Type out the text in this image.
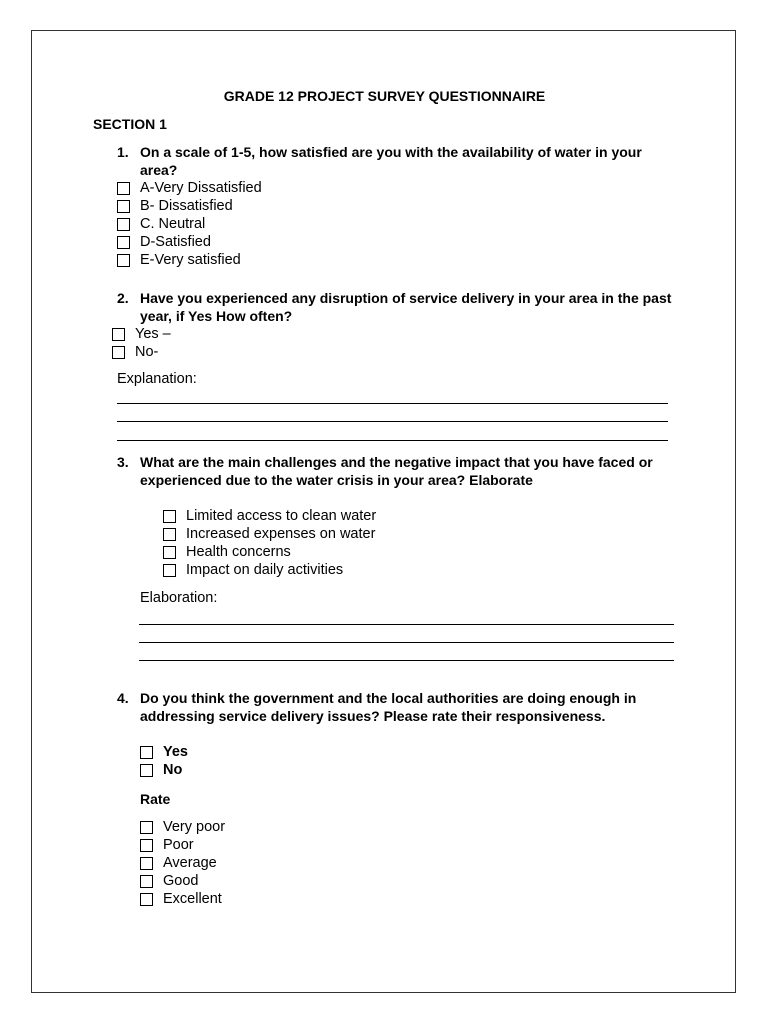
GRADE 12 PROJECT SURVEY QUESTIONNAIRE
SECTION 1
1. On a scale of 1-5, how satisfied are you with the availability of water in your area?
A-Very Dissatisfied
B- Dissatisfied
C. Neutral
D-Satisfied
E-Very satisfied
2. Have you experienced any disruption of service delivery in your area in the past year, if Yes How often?
Yes –
No-
Explanation:
3. What are the main challenges and the negative impact that you have faced or experienced due to the water crisis in your area? Elaborate
Limited access to clean water
Increased expenses on water
Health concerns
Impact on daily activities
Elaboration:
4. Do you think the government and the local authorities are doing enough in addressing service delivery issues? Please rate their responsiveness.
Yes
No
Rate
Very poor
Poor
Average
Good
Excellent
